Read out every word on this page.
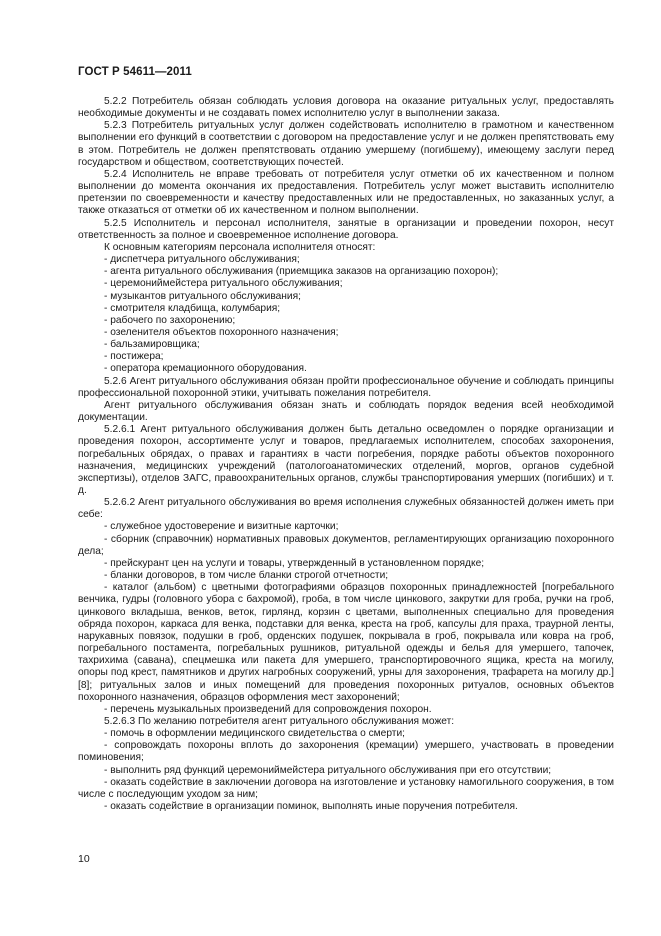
ГОСТ Р 54611—2011

5.2.2 Потребитель обязан соблюдать условия договора на оказание ритуальных услуг, предоставлять необходимые документы и не создавать помех исполнителю услуг в выполнении заказа.

5.2.3 Потребитель ритуальных услуг должен содействовать исполнителю в грамотном и качественном выполнении его функций в соответствии с договором на предоставление услуг и не должен препятствовать ему в этом. Потребитель не должен препятствовать отданию умершему (погибшему), имеющему заслуги перед государством и обществом, соответствующих почестей.

5.2.4 Исполнитель не вправе требовать от потребителя услуг отметки об их качественном и полном выполнении до момента окончания их предоставления. Потребитель услуг может выставить исполнителю претензии по своевременности и качеству предоставленных или не предоставленных, но заказанных услуг, а также отказаться от отметки об их качественном и полном выполнении.

5.2.5 Исполнитель и персонал исполнителя, занятые в организации и проведении похорон, несут ответственность за полное и своевременное исполнение договора.

К основным категориям персонала исполнителя относят:

- диспетчера ритуального обслуживания;

- агента ритуального обслуживания (приемщика заказов на организацию похорон);

- церемониймейстера ритуального обслуживания;

- музыкантов ритуального обслуживания;

- смотрителя кладбища, колумбария;

- рабочего по захоронению;

- озеленителя объектов похоронного назначения;

- бальзамировщика;

- постижера;

- оператора кремационного оборудования.

5.2.6 Агент ритуального обслуживания обязан пройти профессиональное обучение и соблюдать принципы профессиональной похоронной этики, учитывать пожелания потребителя.

Агент ритуального обслуживания обязан знать и соблюдать порядок ведения всей необходимой документации.

5.2.6.1 Агент ритуального обслуживания должен быть детально осведомлен о порядке организации и проведения похорон, ассортименте услуг и товаров, предлагаемых исполнителем, способах захоронения, погребальных обрядах, о правах и гарантиях в части погребения, порядке работы объектов похоронного назначения, медицинских учреждений (патологоанатомических отделений, моргов, органов судебной экспертизы), отделов ЗАГС, правоохранительных органов, службы транспортирования умерших (погибших) и т. д.

5.2.6.2 Агент ритуального обслуживания во время исполнения служебных обязанностей должен иметь при себе:

- служебное удостоверение и визитные карточки;

- сборник (справочник) нормативных правовых документов, регламентирующих организацию похоронного дела;

- прейскурант цен на услуги и товары, утвержденный в установленном порядке;

- бланки договоров, в том числе бланки строгой отчетности;

- каталог (альбом) с цветными фотографиями образцов похоронных принадлежностей [погребального венчика, гудры (головного убора с бахромой), гроба, в том числе цинкового, закрутки для гроба, ручки на гроб, цинкового вкладыша, венков, веток, гирлянд, корзин с цветами, выполненных специально для проведения обряда похорон, каркаса для венка, подставки для венка, креста на гроб, капсулы для праха, траурной ленты, нарукавных повязок, подушки в гроб, орденских подушек, покрывала в гроб, покрывала или ковра на гроб, погребального постамента, погребальных рушников, ритуальной одежды и белья для умершего, тапочек, тахрихима (савана), спецмешка или пакета для умершего, транспортировочного ящика, креста на могилу, опоры под крест, памятников и других нагробных сооружений, урны для захоронения, трафарета на могилу др.] [8]; ритуальных залов и иных помещений для проведения похоронных ритуалов, основных объектов похоронного назначения, образцов оформления мест захоронений;

- перечень музыкальных произведений для сопровождения похорон.

5.2.6.3 По желанию потребителя агент ритуального обслуживания может:

- помочь в оформлении медицинского свидетельства о смерти;

- сопровождать похороны вплоть до захоронения (кремации) умершего, участвовать в проведении поминовения;

- выполнить ряд функций церемониймейстера ритуального обслуживания при его отсутствии;

- оказать содействие в заключении договора на изготовление и установку намогильного сооружения, в том числе с последующим уходом за ним;

- оказать содействие в организации поминок, выполнять иные поручения потребителя.

10
